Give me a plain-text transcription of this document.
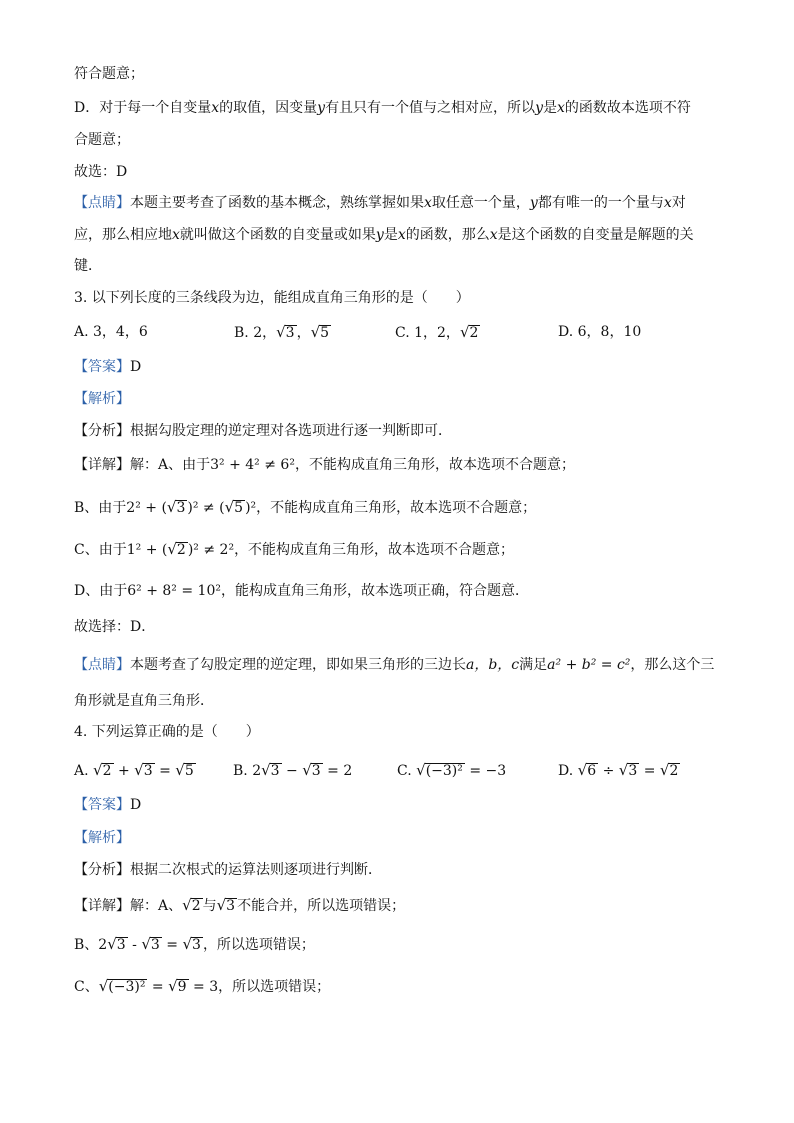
符合题意；
D．对于每一个自变量x的取值，因变量y有且只有一个值与之相对应，所以y是x的函数故本选项不符
合题意；
故选：D
【点睛】本题主要考查了函数的基本概念，熟练掌握如果x取任意一个量，y都有唯一的一个量与x对
应，那么相应地x就叫做这个函数的自变量或如果y是x的函数，那么x是这个函数的自变量是解题的关
键．
3. 以下列长度的三条线段为边，能组成直角三角形的是（　　）
A. 3，4，6	B. 2，√3 ，√5	C. 1，2，√2	D. 6，8，10
【答案】D
【解析】
【分析】根据勾股定理的逆定理对各选项进行逐一判断即可．
【详解】解：A、由于3² + 4² ≠ 6²，不能构成直角三角形，故本选项不合题意；
B、由于2² + (√3 )² ≠ (√5 )²，不能构成直角三角形，故本选项不合题意；
C、由于1² + (√2 )² ≠ 2²，不能构成直角三角形，故本选项不合题意；
D、由于6² + 8² = 10²，能构成直角三角形，故本选项正确，符合题意．
故选择：D．
【点睛】本题考查了勾股定理的逆定理，即如果三角形的三边长a，b，c满足a² + b² = c²，那么这个三
角形就是直角三角形．
4. 下列运算正确的是（　　）
A. √2 + √3 = √5	B. 2√3 − √3 = 2	C. √(−3)² = −3	D. √6 ÷ √3 = √2
【答案】D
【解析】
【分析】根据二次根式的运算法则逐项进行判断．
【详解】解：A、√2 与√3 不能合并，所以选项错误；
B、2√3 - √3 = √3 ，所以选项错误；
C、√(−3)² = √9 = 3，所以选项错误；
